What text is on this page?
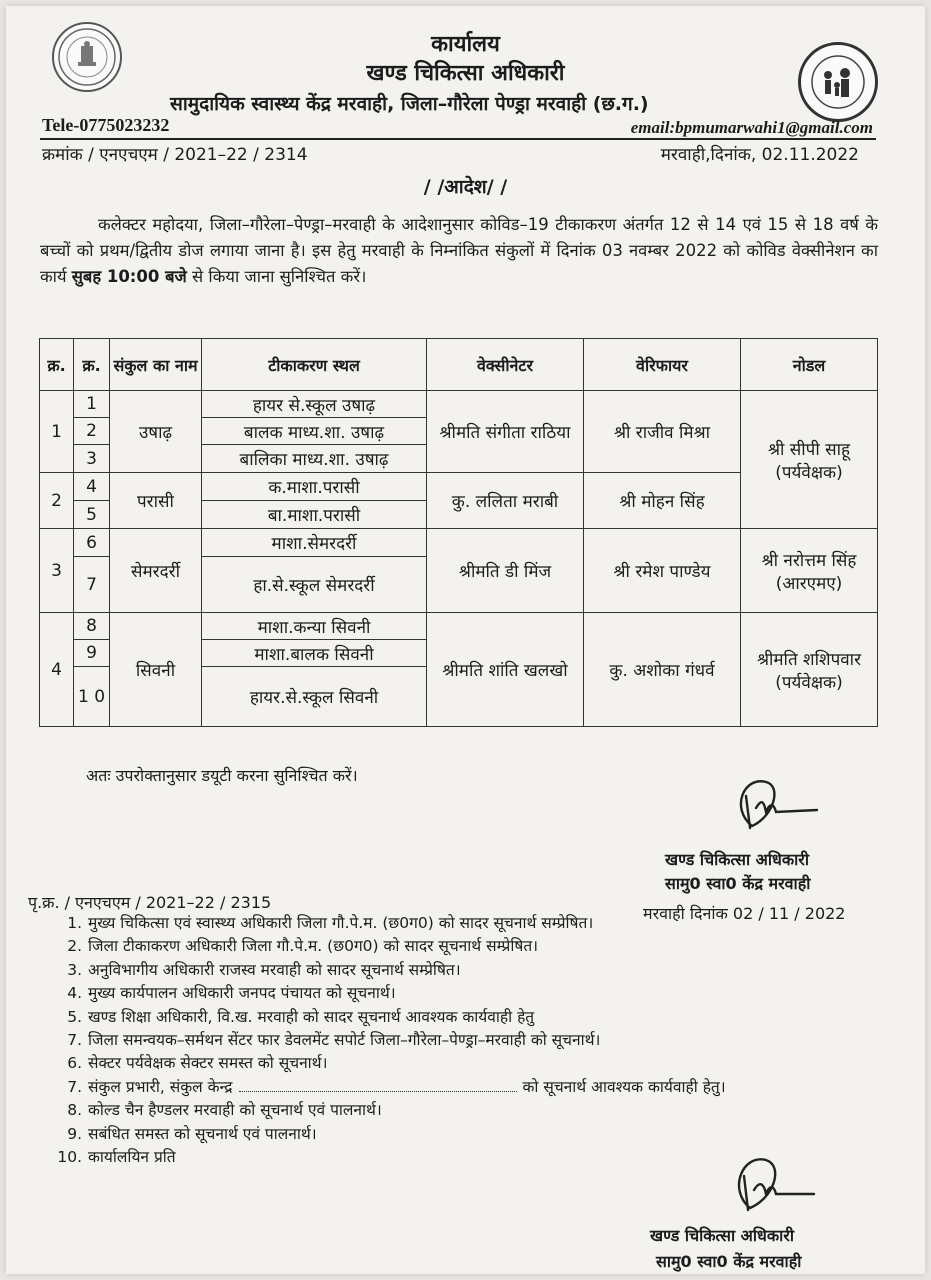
कार्यालय
खण्ड चिकित्सा अधिकारी
सामुदायिक स्वास्थ्य केंद्र मरवाही, जिला–गौरेला पेण्ड्रा मरवाही (छ.ग.)
Tele-0775023232	email:bpmumarwahi1@gmail.com
क्रमांक / एनएचएम / 2021–22 / 2314	मरवाही,दिनांक, 02.11.2022
/ /आदेश/ /
कलेक्टर महोदया, जिला–गौरेला–पेण्ड्रा–मरवाही के आदेशानुसार कोविड–19 टीकाकरण अंतर्गत 12 से 14 एवं 15 से 18 वर्ष के बच्चों को प्रथम/द्वितीय डोज लगाया जाना है। इस हेतु मरवाही के निम्नांकित संकुलों में दिनांक 03 नवम्बर 2022 को कोविड वेक्सीनेशन का कार्य सुबह 10:00 बजे से किया जाना सुनिश्चित करें।
क्र.	क्र.	संकुल का नाम	टीकाकरण स्थल	वेक्सीनेटर	वेरिफायर	नोडल
1	1	उषाढ़	हायर से.स्कूल उषाढ़	श्रीमति संगीता राठिया	श्री राजीव मिश्रा	श्री सीपी साहू (पर्यवेक्षक)
	2		बालक माध्य.शा. उषाढ़			
	3		बालिका माध्य.शा. उषाढ़			
2	4	परासी	क.माशा.परासी	कु. ललिता मराबी	श्री मोहन सिंह	
	5		बा.माशा.परासी			
3	6	सेमरदर्री	माशा.सेमरदर्री	श्रीमति डी मिंज	श्री रमेश पाण्डेय	श्री नरोत्तम सिंह (आरएमए)
	7		हा.से.स्कूल सेमरदर्री			
4	8	सिवनी	माशा.कन्या सिवनी	श्रीमति शांति खलखो	कु. अशोका गंधर्व	श्रीमति शशिपवार (पर्यवेक्षक)
	9		माशा.बालक सिवनी			
	1 0		हायर.से.स्कूल सिवनी			
अतः उपरोक्तानुसार डयूटी करना सुनिश्चित करें।
खण्ड चिकित्सा अधिकारी
सामु0 स्वा0 केंद्र मरवाही
पृ.क्र. / एनएचएम / 2021–22 / 2315
मरवाही दिनांक 02 / 11 / 2022
1. मुख्य चिकित्सा एवं स्वास्थ्य अधिकारी जिला गौ.पे.म. (छ0ग0) को सादर सूचनार्थ सम्प्रेषित।
2. जिला टीकाकरण अधिकारी जिला गौ.पे.म. (छ0ग0) को सादर सूचनार्थ सम्प्रेषित।
3. अनुविभागीय अधिकारी राजस्व मरवाही को सादर सूचनार्थ सम्प्रेषित।
4. मुख्य कार्यपालन अधिकारी जनपद पंचायत को सूचनार्थ।
5. खण्ड शिक्षा अधिकारी, वि.ख. मरवाही को सादर सूचनार्थ आवश्यक कार्यवाही हेतु
7. जिला समन्वयक–सर्मथन सेंटर फार डेवलमेंट सपोर्ट जिला–गौरेला–पेण्ड्रा–मरवाही को सूचनार्थ।
6. सेक्टर पर्यवेक्षक सेक्टर समस्त को सूचनार्थ।
7. संकुल प्रभारी, संकुल केन्द्र	को सूचनार्थ आवश्यक कार्यवाही हेतु।
8. कोल्ड चैन हैण्डलर मरवाही को सूचनार्थ एवं पालनार्थ।
9. सबंधित समस्त को सूचनार्थ एवं पालनार्थ।
10. कार्यालयिन प्रति
खण्ड चिकित्सा अधिकारी
सामु0 स्वा0 केंद्र मरवाही
